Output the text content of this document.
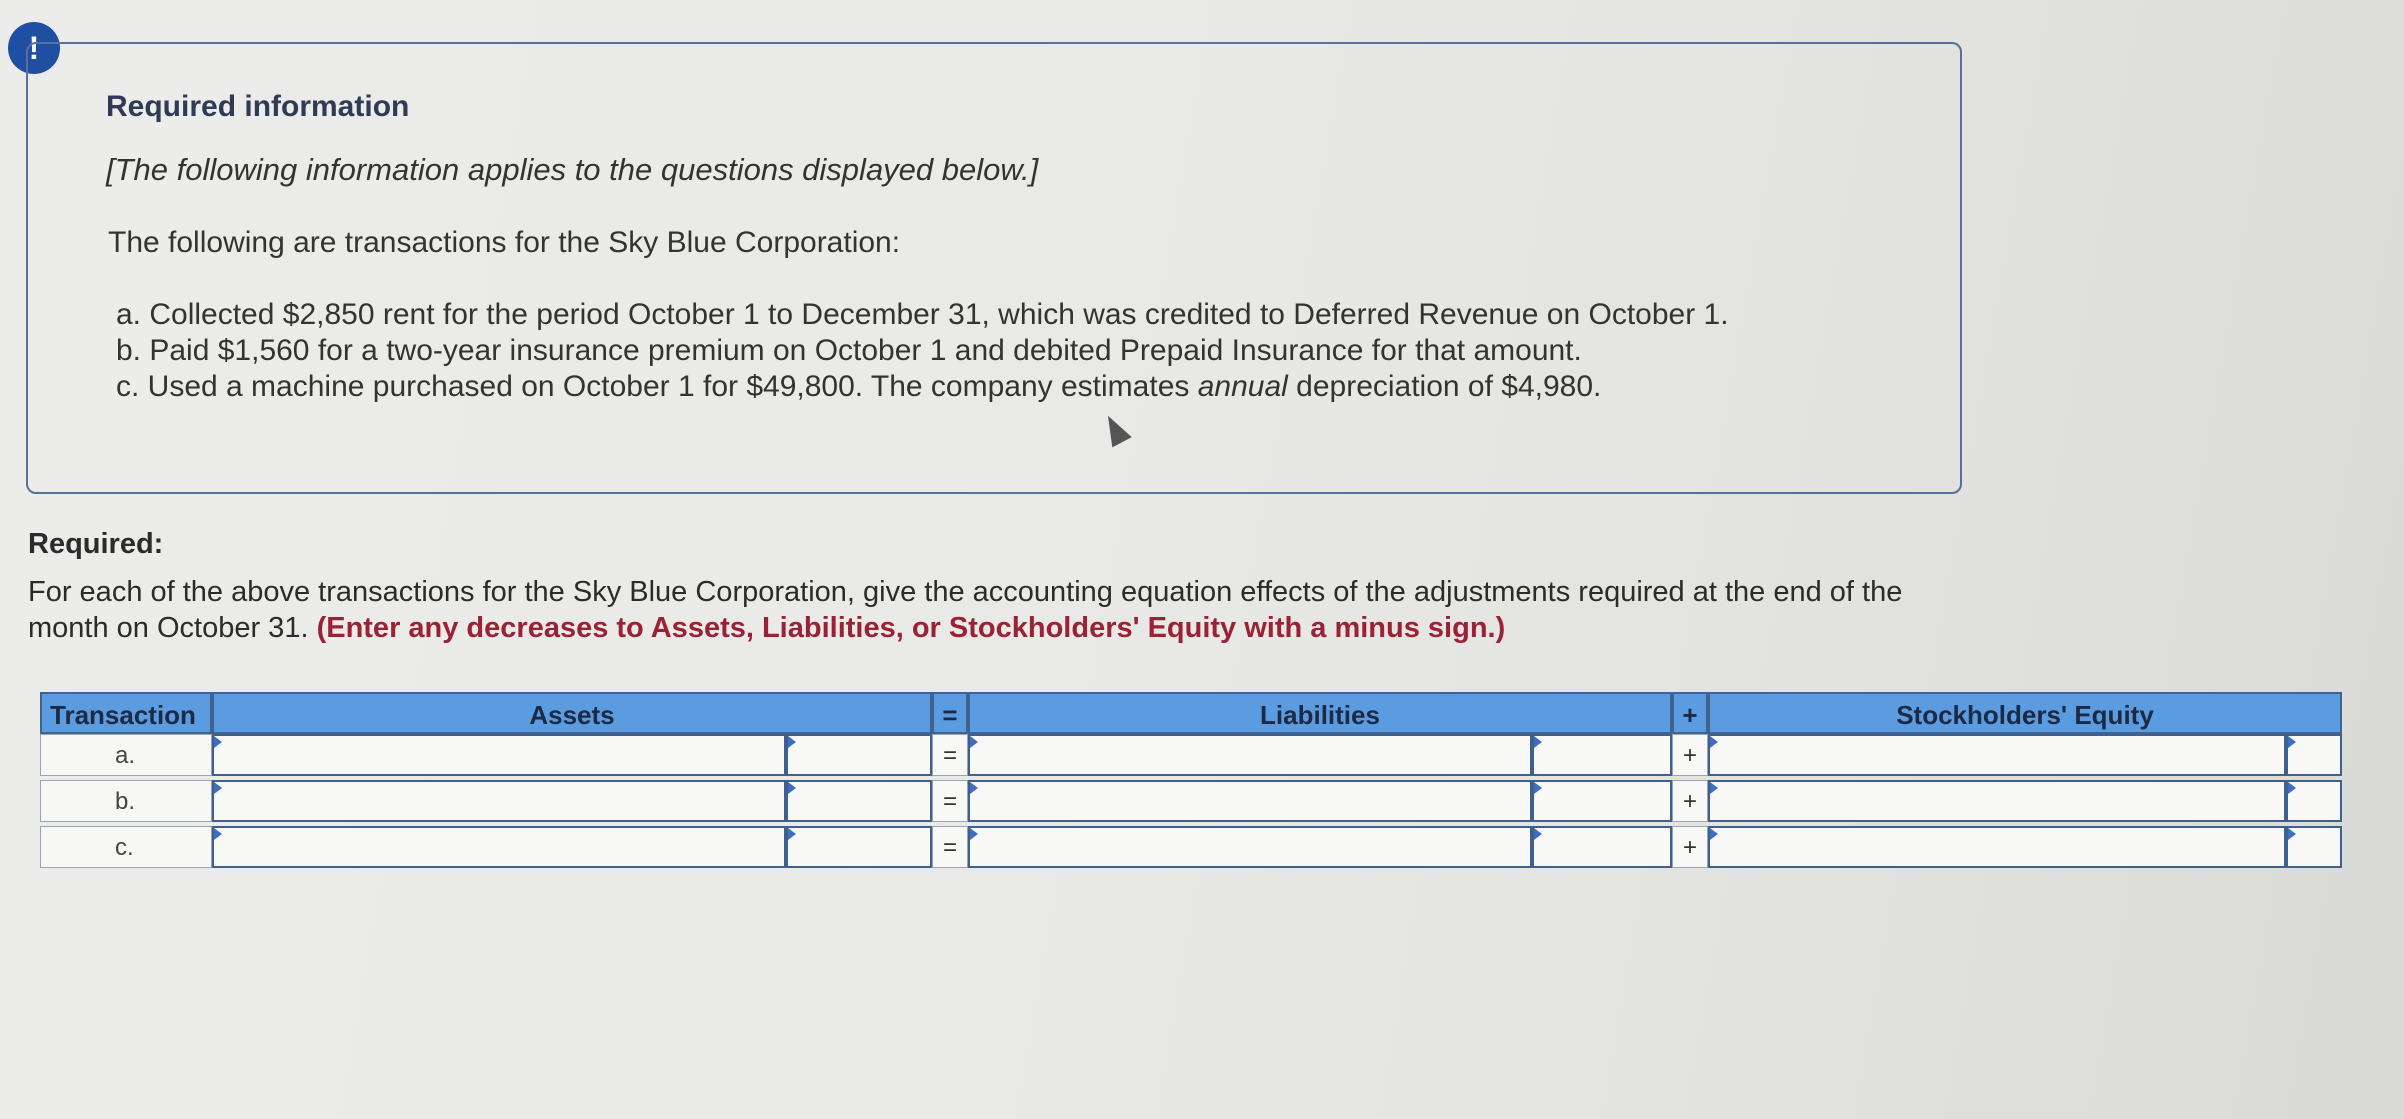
!
Required information
[The following information applies to the questions displayed below.]
The following are transactions for the Sky Blue Corporation:
a. Collected $2,850 rent for the period October 1 to December 31, which was credited to Deferred Revenue on October 1.
b. Paid $1,560 for a two-year insurance premium on October 1 and debited Prepaid Insurance for that amount.
c. Used a machine purchased on October 1 for $49,800. The company estimates annual depreciation of $4,980.
Required:
For each of the above transactions for the Sky Blue Corporation, give the accounting equation effects of the adjustments required at the end of the month on October 31. (Enter any decreases to Assets, Liabilities, or Stockholders' Equity with a minus sign.)
Transaction	Assets	=	Liabilities	+	Stockholders' Equity
a.	=	+
b.	=	+
c.	=	+
